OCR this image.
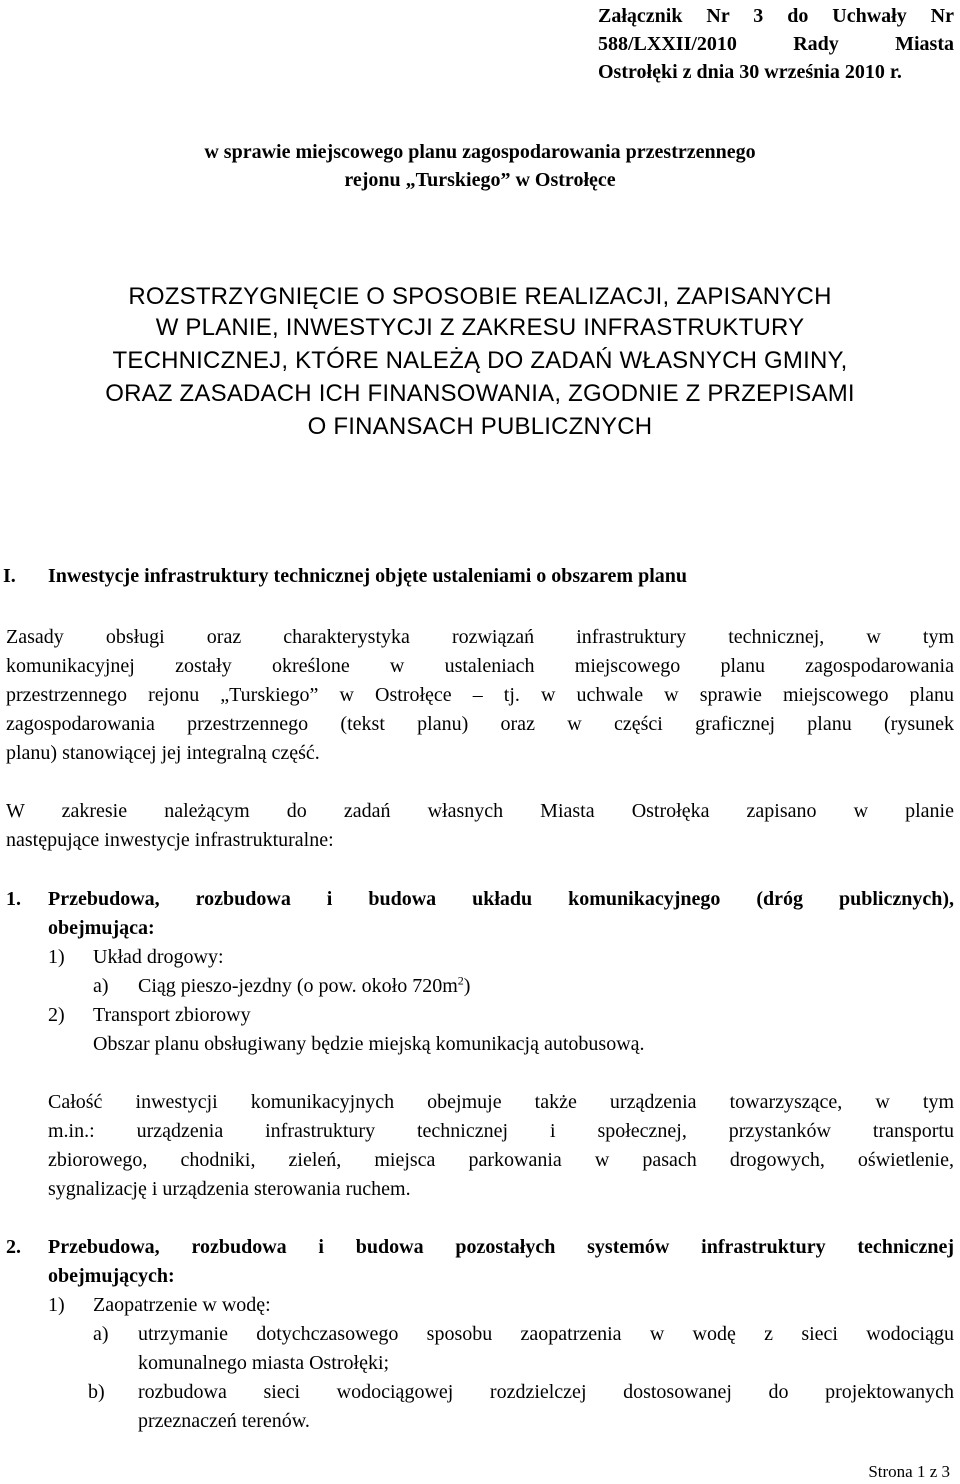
Załącznik Nr 3 do Uchwały Nr
588/LXXII/2010 Rady Miasta
Ostrołęki z dnia 30 września 2010 r.
w sprawie miejscowego planu zagospodarowania przestrzennego
rejonu „Turskiego” w Ostrołęce
ROZSTRZYGNIĘCIE O SPOSOBIE REALIZACJI, ZAPISANYCH
W PLANIE, INWESTYCJI Z ZAKRESU INFRASTRUKTURY
TECHNICZNEJ, KTÓRE NALEŻĄ DO ZADAŃ WŁASNYCH GMINY,
ORAZ ZASADACH ICH FINANSOWANIA, ZGODNIE Z PRZEPISAMI
O FINANSACH PUBLICZNYCH
I. Inwestycje infrastruktury technicznej objęte ustaleniami o obszarem planu
Zasady obsługi oraz charakterystyka rozwiązań infrastruktury technicznej, w tym
komunikacyjnej zostały określone w ustaleniach miejscowego planu zagospodarowania
przestrzennego rejonu „Turskiego” w Ostrołęce – tj. w uchwale w sprawie miejscowego planu
zagospodarowania przestrzennego (tekst planu) oraz w części graficznej planu (rysunek
planu) stanowiącej jej integralną część.
W zakresie należącym do zadań własnych Miasta Ostrołęka zapisano w planie
następujące inwestycje infrastrukturalne:
1. Przebudowa, rozbudowa i budowa układu komunikacyjnego (dróg publicznych),
obejmująca:
1) Układ drogowy:
a) Ciąg pieszo-jezdny (o pow. około $720m^2$)
2) Transport zbiorowy
Obszar planu obsługiwany będzie miejską komunikacją autobusową.
Całość inwestycji komunikacyjnych obejmuje także urządzenia towarzyszące, w tym
m.in.: urządzenia infrastruktury technicznej i społecznej, przystanków transportu
zbiorowego, chodniki, zieleń, miejsca parkowania w pasach drogowych, oświetlenie,
sygnalizację i urządzenia sterowania ruchem.
2. Przebudowa, rozbudowa i budowa pozostałych systemów infrastruktury technicznej
obejmujących:
1) Zaopatrzenie w wodę:
a) utrzymanie dotychczasowego sposobu zaopatrzenia w wodę z sieci wodociągu
komunalnego miasta Ostrołęki;
b) rozbudowa sieci wodociągowej rozdzielczej dostosowanej do projektowanych
przeznaczeń terenów.
Strona 1 z 3
